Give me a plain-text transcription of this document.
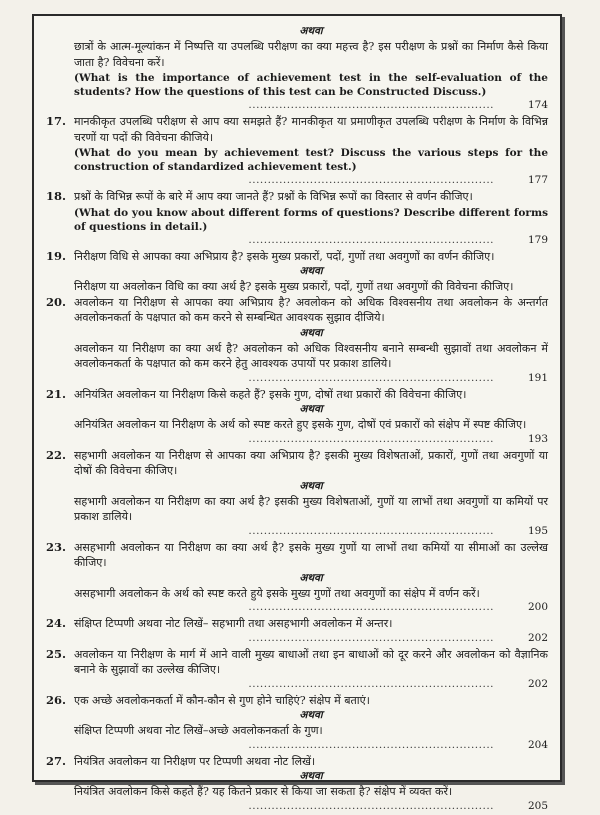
अथवा
छात्रों के आत्म-मूल्यांकन में निष्पत्ति या उपलब्धि परीक्षण का क्या महत्त्व है? इस परीक्षण के प्रश्नों का निर्माण कैसे किया जाता है? विवेचना करें।
(What is the importance of achievement test in the self-evaluation of the students? How the questions of this test can be Constructed Discuss.)
..... 174
17. मानकीकृत उपलब्धि परीक्षण से आप क्या समझते हैं? मानकीकृत या प्रमाणीकृत उपलब्धि परीक्षण के निर्माण के विभिन्न चरणों या पदों की विवेचना कीजिये।
(What do you mean by achievement test? Discuss the various steps for the construction of standardized achievement test.)
..... 177
18. प्रश्नों के विभिन्न रूपों के बारे में आप क्या जानते हैं? प्रश्नों के विभिन्न रूपों का विस्तार से वर्णन कीजिए।
(What do you know about different forms of questions? Describe different forms of questions in detail.)
..... 179
19. निरीक्षण विधि से आपका क्या अभिप्राय है? इसके मुख्य प्रकारों, पदों, गुणों तथा अवगुणों का वर्णन कीजिए।
अथवा
निरीक्षण या अवलोकन विधि का क्या अर्थ है? इसके मुख्य प्रकारों, पदों, गुणों तथा अवगुणों की विवेचना कीजिए।
20. अवलोकन या निरीक्षण से आपका क्या अभिप्राय है? अवलोकन को अधिक विश्वसनीय तथा अवलोकन के अन्तर्गत अवलोकनकर्ता के पक्षपात को कम करने से सम्बन्धित आवश्यक सुझाव दीजिये।
अथवा
अवलोकन या निरीक्षण का क्या अर्थ है? अवलोकन को अधिक विश्वसनीय बनाने सम्बन्धी सुझावों तथा अवलोकन में अवलोकनकर्ता के पक्षपात को कम करने हेतु आवश्यक उपायों पर प्रकाश डालिये।
..... 191
21. अनियंत्रित अवलोकन या निरीक्षण किसे कहते हैं? इसके गुण, दोषों तथा प्रकारों की विवेचना कीजिए।
अथवा
अनियंत्रित अवलोकन या निरीक्षण के अर्थ को स्पष्ट करते हुए इसके गुण, दोषों एवं प्रकारों को संक्षेप में स्पष्ट कीजिए।
..... 193
22. सहभागी अवलोकन या निरीक्षण से आपका क्या अभिप्राय है? इसकी मुख्य विशेषताओं, प्रकारों, गुणों तथा अवगुणों या दोषों की विवेचना कीजिए।
अथवा
सहभागी अवलोकन या निरीक्षण का क्या अर्थ है? इसकी मुख्य विशेषताओं, गुणों या लाभों तथा अवगुणों या कमियों पर प्रकाश डालिये।
..... 195
23. असहभागी अवलोकन या निरीक्षण का क्या अर्थ है? इसके मुख्य गुणों या लाभों तथा कमियों या सीमाओं का उल्लेख कीजिए।
अथवा
असहभागी अवलोकन के अर्थ को स्पष्ट करते हुये इसके मुख्य गुणों तथा अवगुणों का संक्षेप में वर्णन करें।
..... 200
24. संक्षिप्त टिप्पणी अथवा नोट लिखें– सहभागी तथा असहभागी अवलोकन में अन्तर।
..... 202
25. अवलोकन या निरीक्षण के मार्ग में आने वाली मुख्य बाधाओं तथा इन बाधाओं को दूर करने और अवलोकन को वैज्ञानिक बनाने के सुझावों का उल्लेख कीजिए।
..... 202
26. एक अच्छे अवलोकनकर्ता में कौन-कौन से गुण होने चाहिएं? संक्षेप में बताएं।
अथवा
संक्षिप्त टिप्पणी अथवा नोट लिखें–अच्छे अवलोकनकर्ता के गुण।
..... 204
27. नियंत्रित अवलोकन या निरीक्षण पर टिप्पणी अथवा नोट लिखें।
अथवा
नियंत्रित अवलोकन किसे कहते हैं? यह कितने प्रकार से किया जा सकता है? संक्षेप में व्यक्त करें।
..... 205
